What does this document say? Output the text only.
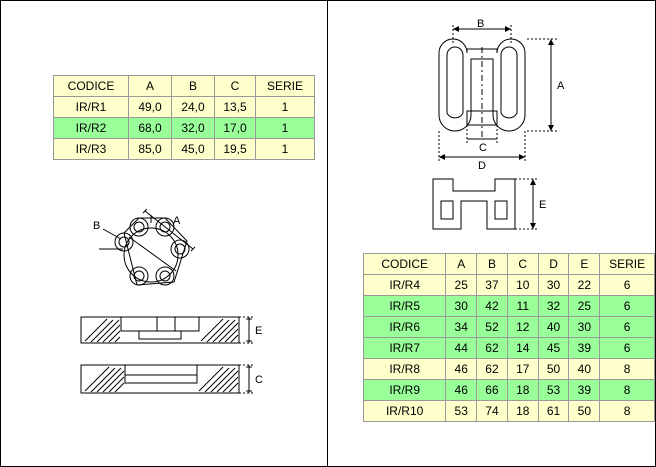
CODICE	A	B	C	SERIE
IR/R1	49,0	24,0	13,5	1
IR/R2	68,0	32,0	17,0	1
IR/R3	85,0	45,0	19,5	1
CODICE	A	B	C	D	E	SERIE
IR/R4	25	37	10	30	22	6
IR/R5	30	42	11	32	25	6
IR/R6	34	52	12	40	30	6
IR/R7	44	62	14	45	39	6
IR/R8	46	62	17	50	40	8
IR/R9	46	66	18	53	39	8
IR/R10	53	74	18	61	50	8
A
B
E
C
B
A
C
D
E
